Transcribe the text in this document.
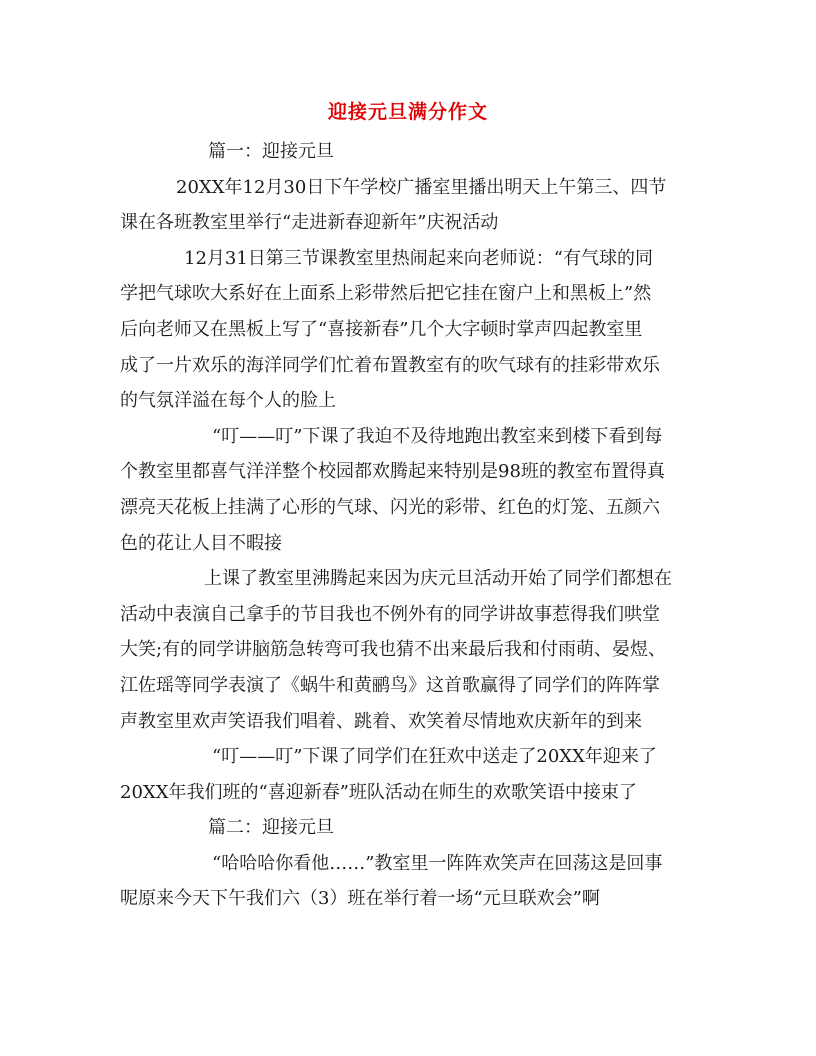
迎接元旦满分作文
篇一：迎接元旦
20XX年12月30日下午学校广播室里播出明天上午第三、四节
课在各班教室里举行“走进新春迎新年”庆祝活动
12月31日第三节课教室里热闹起来向老师说：“有气球的同
学把气球吹大系好在上面系上彩带然后把它挂在窗户上和黑板上”然
后向老师又在黑板上写了“喜接新春”几个大字顿时掌声四起教室里
成了一片欢乐的海洋同学们忙着布置教室有的吹气球有的挂彩带欢乐
的气氛洋溢在每个人的脸上
“叮——叮”下课了我迫不及待地跑出教室来到楼下看到每
个教室里都喜气洋洋整个校园都欢腾起来特别是98班的教室布置得真
漂亮天花板上挂满了心形的气球、闪光的彩带、红色的灯笼、五颜六
色的花让人目不暇接
上课了教室里沸腾起来因为庆元旦活动开始了同学们都想在
活动中表演自己拿手的节目我也不例外有的同学讲故事惹得我们哄堂
大笑;有的同学讲脑筋急转弯可我也猜不出来最后我和付雨萌、晏煜、
江佐瑶等同学表演了《蜗牛和黄鹂鸟》这首歌赢得了同学们的阵阵掌
声教室里欢声笑语我们唱着、跳着、欢笑着尽情地欢庆新年的到来
“叮——叮”下课了同学们在狂欢中送走了20XX年迎来了
20XX年我们班的“喜迎新春”班队活动在师生的欢歌笑语中接束了
篇二：迎接元旦
“哈哈哈你看他……”教室里一阵阵欢笑声在回荡这是回事
呢原来今天下午我们六（3）班在举行着一场“元旦联欢会”啊
